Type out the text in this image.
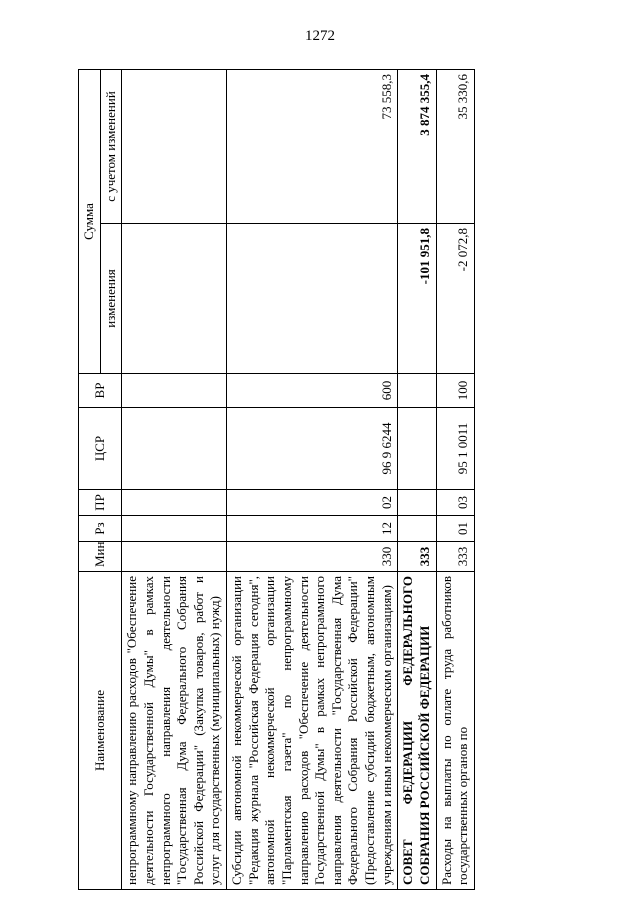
1272
Наименование	Мин	Рз	ПР	ЦСР	ВР	Сумма	
						изменения	с учетом изменений
непрограммному направлению расходов "Обеспечение деятельности Государственной Думы" в рамках непрограммного направления деятельности "Государственная Дума Федерального Собрания Российской Федерации" (Закупка товаров, работ и услуг для государственных (муниципальных) нужд)							
Субсидии автономной некоммерческой организации "Редакция журнала "Российская Федерация сегодня", автономной некоммерческой организации "Парламентская газета" по непрограммному направлению расходов "Обеспечение деятельности Государственной Думы" в рамках непрограммного направления деятельности "Государственная Дума Федерального Собрания Российской Федерации" (Предоставление субсидий бюджетным, автономным учреждениям и иным некоммерческим организациям)	330	12	02	96 9 6244	600		73 558,3
СОВЕТ ФЕДЕРАЦИИ ФЕДЕРАЛЬНОГО СОБРАНИЯ РОССИЙСКОЙ ФЕДЕРАЦИИ	333					-101 951,8	3 874 355,4
Расходы на выплаты по оплате труда работников государственных органов по	333	01	03	95 1 0011	100	-2 072,8	35 330,6
